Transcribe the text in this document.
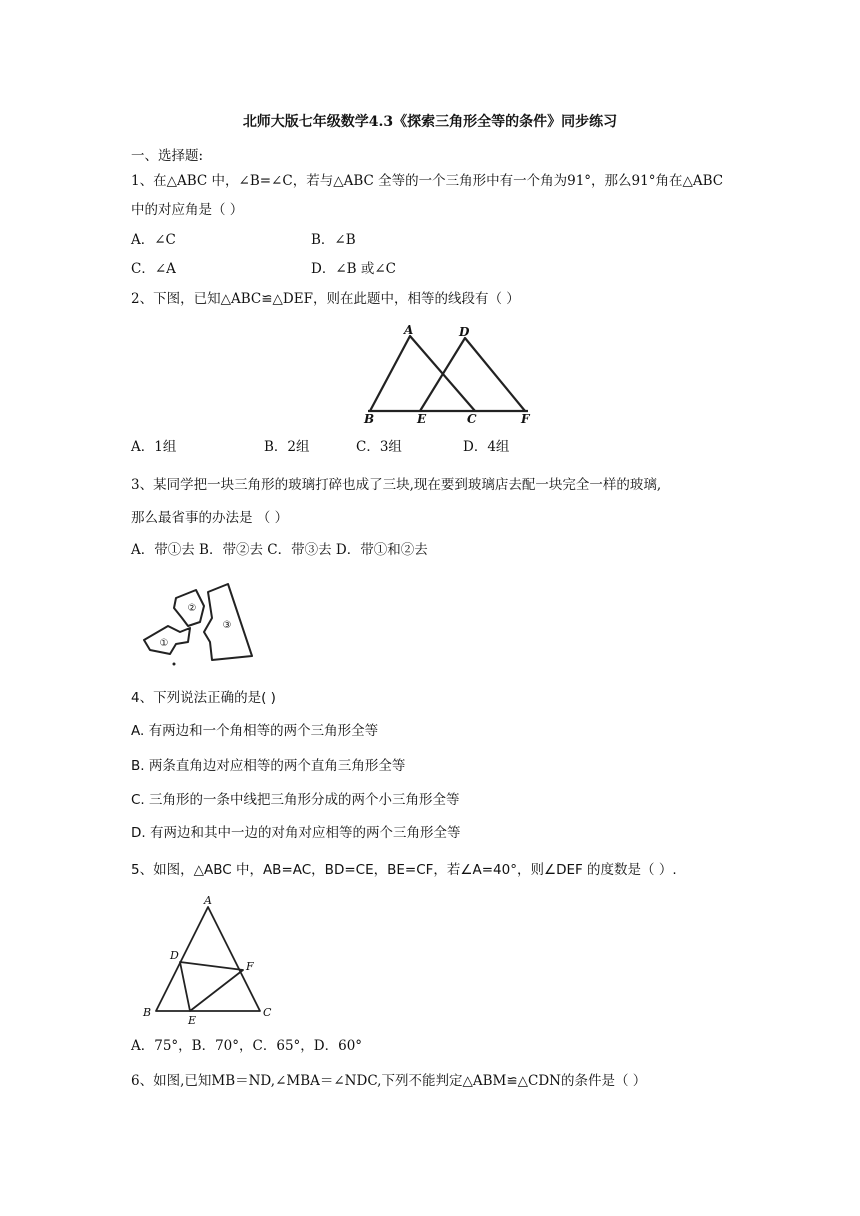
北师大版七年级数学4.3《探索三角形全等的条件》同步练习
一、选择题:
1、在△ABC 中，∠B=∠C，若与△ABC 全等的一个三角形中有一个角为91°，那么91°角在△ABC
中的对应角是（ ）
A．∠C	B．∠B
C．∠A	D．∠B 或∠C
2、下图，已知△ABC≌△DEF，则在此题中，相等的线段有（ ）
A	D
B	E	C	F
A．1组	B．2组	C．3组	D．4组
3、某同学把一块三角形的玻璃打碎也成了三块,现在要到玻璃店去配一块完全一样的玻璃,
那么最省事的办法是 （ ）
A．带①去 B．带②去 C．带③去 D．带①和②去
①
②
③
4、下列说法正确的是( )
A. 有两边和一个角相等的两个三角形全等
B. 两条直角边对应相等的两个直角三角形全等
C. 三角形的一条中线把三角形分成的两个小三角形全等
D. 有两边和其中一边的对角对应相等的两个三角形全等
5、如图，△ABC 中，AB=AC，BD=CE，BE=CF，若∠A=40°，则∠DEF 的度数是（ ）.
A
B	C
D
E
F
A．75°，B．70°，C．65°，D．60°
6、如图,已知MB＝ND,∠MBA＝∠NDC,下列不能判定△ABM≌△CDN的条件是（ ）
